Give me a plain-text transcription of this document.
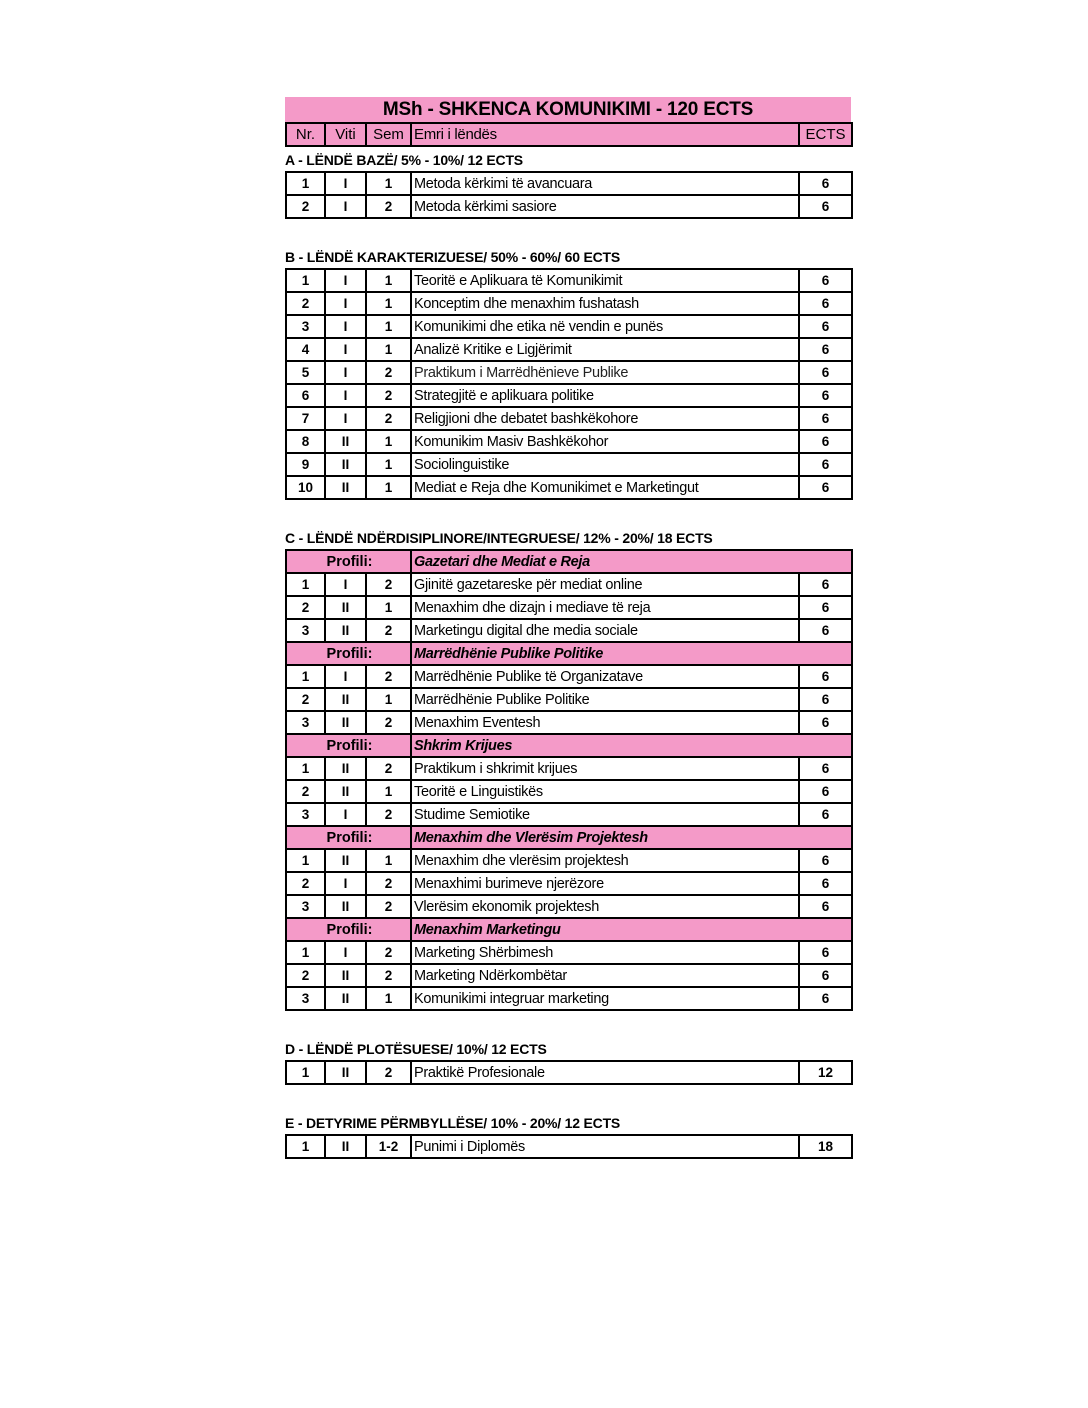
MSh - SHKENCA KOMUNIKIMI - 120 ECTS
Nr.	Viti	Sem	Emri i lëndës	ECTS
A - LËNDË BAZË/ 5% - 10%/ 12 ECTS
1	I	1	Metoda kërkimi të avancuara	6
2	I	2	Metoda kërkimi sasiore	6
B - LËNDË KARAKTERIZUESE/ 50% - 60%/ 60 ECTS
1	I	1	Teoritë e Aplikuara të Komunikimit	6
2	I	1	Konceptim dhe menaxhim fushatash	6
3	I	1	Komunikimi dhe etika në vendin e punës	6
4	I	1	Analizë Kritike e Ligjërimit	6
5	I	2	Praktikum i Marrëdhënieve Publike	6
6	I	2	Strategjitë e aplikuara politike	6
7	I	2	Religjioni dhe debatet bashkëkohore	6
8	II	1	Komunikim Masiv Bashkëkohor	6
9	II	1	Sociolinguistike	6
10	II	1	Mediat e Reja dhe Komunikimet e Marketingut	6
C - LËNDË NDËRDISIPLINORE/INTEGRUESE/ 12% - 20%/ 18 ECTS
Profili:			Gazetari dhe Mediat e Reja	
1	I	2	Gjinitë gazetareske për mediat online	6
2	II	1	Menaxhim dhe dizajn i mediave të reja	6
3	II	2	Marketingu digital dhe media sociale	6
Profili:			Marrëdhënie Publike Politike	
1	I	2	Marrëdhënie Publike të Organizatave	6
2	II	1	Marrëdhënie Publike Politike	6
3	II	2	Menaxhim Eventesh	6
Profili:			Shkrim Krijues	
1	II	2	Praktikum i shkrimit krijues	6
2	II	1	Teoritë e Linguistikës	6
3	I	2	Studime Semiotike	6
Profili:			Menaxhim dhe Vlerësim Projektesh	
1	II	1	Menaxhim dhe vlerësim projektesh	6
2	I	2	Menaxhimi burimeve njerëzore	6
3	II	2	Vlerësim ekonomik projektesh	6
Profili:			Menaxhim Marketingu	
1	I	2	Marketing Shërbimesh	6
2	II	2	Marketing Ndërkombëtar	6
3	II	1	Komunikimi integruar marketing	6
D - LËNDË PLOTËSUESE/ 10%/ 12 ECTS
1	II	2	Praktikë Profesionale	12
E - DETYRIME PËRMBYLLËSE/ 10% - 20%/ 12 ECTS
1	II	1-2	Punimi i Diplomës	18
